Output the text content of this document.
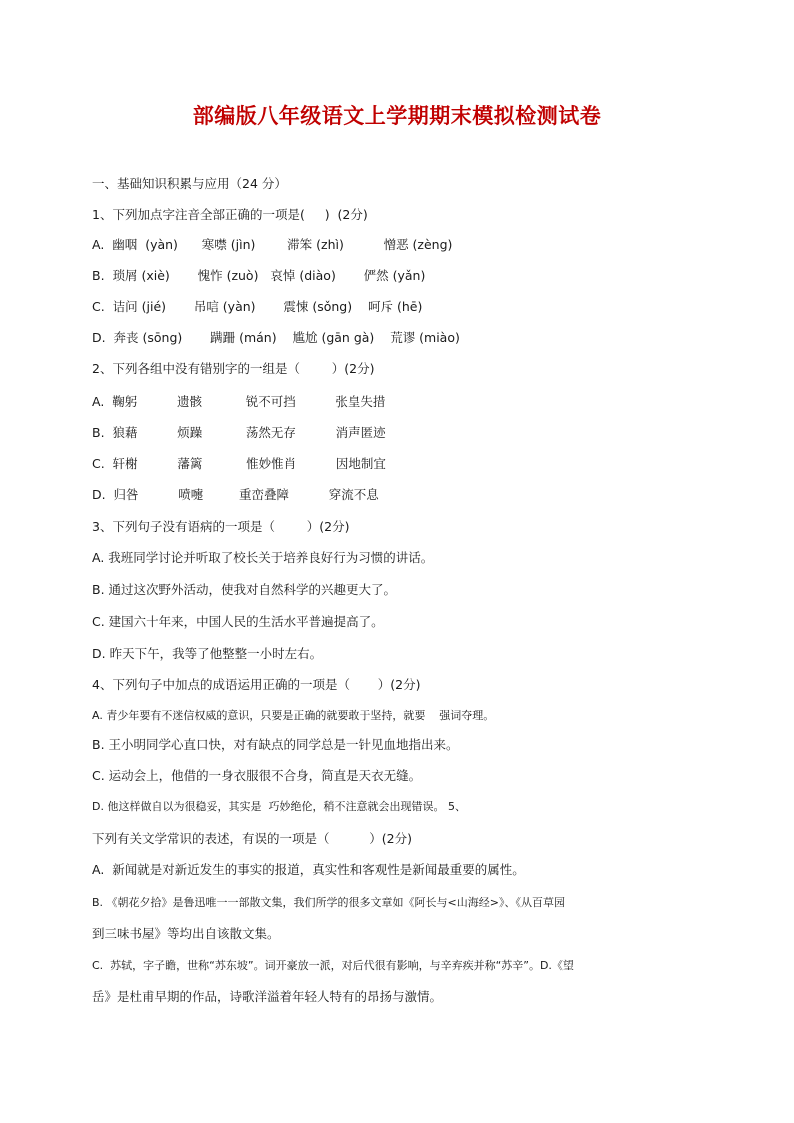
部编版八年级语文上学期期末模拟检测试卷
一、基础知识积累与应用（24 分）
1、下列加点字注音全部正确的一项是(     )  (2分)
A.  幽咽  (yàn)      寒噤 (jìn)        滞笨 (zhì)          憎恶 (zèng)
B.  琐屑 (xiè)       愧怍 (zuò)   哀悼 (diào)       俨然 (yǎn)
C.  诘问 (jié)       吊唁 (yàn)       震悚 (sǒng)    呵斥 (hē)
D.  奔丧 (sōng)       蹒跚 (mán)    尴尬 (gān gà)    荒谬 (miào)
2、下列各组中没有错别字的一组是（        ）(2分)
A.  鞠躬          遗骸           锐不可挡          张皇失措
B.  狼藉          烦躁           荡然无存          消声匿迹
C.  轩榭          藩篱           惟妙惟肖          因地制宜
D.  归咎          喷嚏         重峦叠障          穿流不息
3、下列句子没有语病的一项是（        ）(2分)
A. 我班同学讨论并听取了校长关于培养良好行为习惯的讲话。
B. 通过这次野外活动，使我对自然科学的兴趣更大了。
C. 建国六十年来，中国人民的生活水平普遍提高了。
D. 昨天下午，我等了他整整一小时左右。
4、下列句子中加点的成语运用正确的一项是（       ）(2分)
A. 青少年要有不迷信权威的意识，只要是正确的就要敢于坚持，就要    强词夺理。
B. 王小明同学心直口快，对有缺点的同学总是一针见血地指出来。
C. 运动会上，他借的一身衣服很不合身，简直是天衣无缝。
D. 他这样做自以为很稳妥，其实是  巧妙绝伦，稍不注意就会出现错误。 5、
下列有关文学常识的表述，有误的一项是（          ）(2分)
A.  新闻就是对新近发生的事实的报道，真实性和客观性是新闻最重要的属性。
B. 《朝花夕拾》是鲁迅唯一一部散文集，我们所学的很多文章如《阿长与<山海经>》、《从百草园
到三味书屋》等均出自该散文集。
C.  苏轼，字子瞻，世称“苏东坡”。词开豪放一派，对后代很有影响，与辛弃疾并称“苏辛”。D.《望
岳》是杜甫早期的作品，诗歌洋溢着年轻人特有的昂扬与激情。
